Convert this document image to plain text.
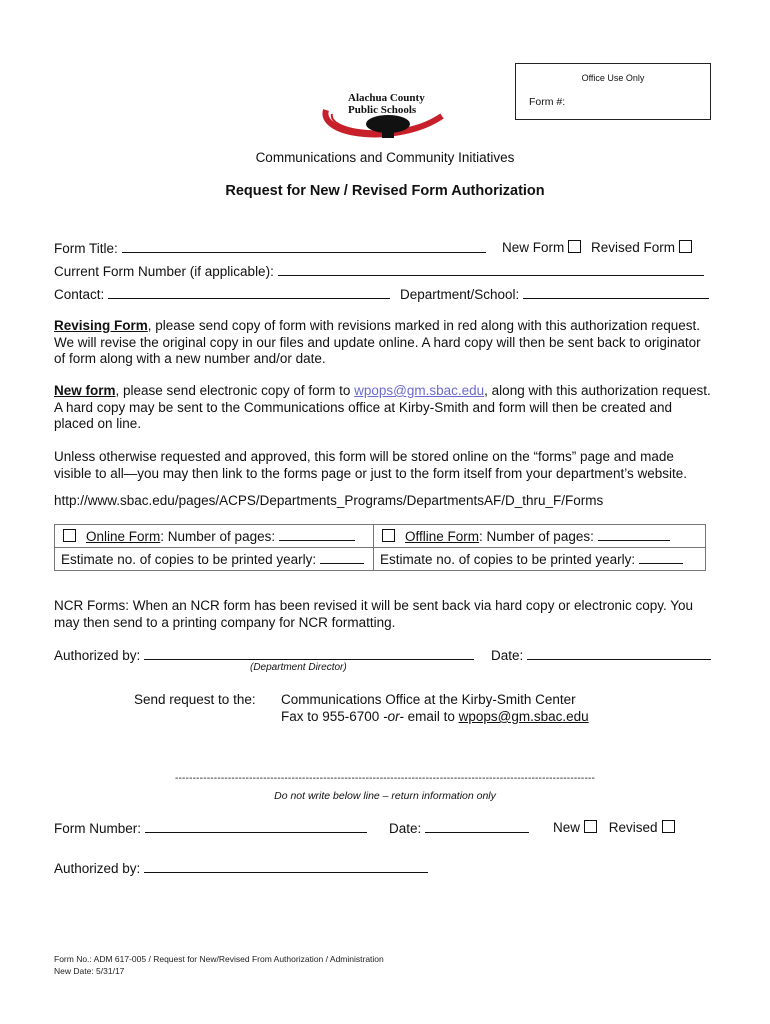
Office Use Only
Form #:
Alachua County
Public Schools
Communications and Community Initiatives
Request for New / Revised Form Authorization
Form Title:	New Form Revised Form
Current Form Number (if applicable):
Contact:	Department/School:
Revising Form, please send copy of form with revisions marked in red along with this authorization request. We will revise the original copy in our files and update online. A hard copy will then be sent back to originator of form along with a new number and/or date.
New form, please send electronic copy of form to wpops@gm.sbac.edu, along with this authorization request. A hard copy may be sent to the Communications office at Kirby-Smith and form will then be created and placed on line.
Unless otherwise requested and approved, this form will be stored online on the “forms” page and made visible to all—you may then link to the forms page or just to the form itself from your department’s website.
http://www.sbac.edu/pages/ACPS/Departments_Programs/DepartmentsAF/D_thru_F/Forms
Online Form: Number of pages:	Offline Form: Number of pages:
Estimate no. of copies to be printed yearly:	Estimate no. of copies to be printed yearly:
NCR Forms: When an NCR form has been revised it will be sent back via hard copy or electronic copy. You may then send to a printing company for NCR formatting.
Authorized by:	Date:
(Department Director)
Send request to the: Communications Office at the Kirby-Smith Center
Fax to 955-6700 -or- email to wpops@gm.sbac.edu
-----------------------------------------------------------------------------------------------------------------------
Do not write below line – return information only
Form Number:	Date:	New Revised
Authorized by:
Form No.: ADM 617-005 / Request for New/Revised From Authorization / Administration
New Date: 5/31/17
